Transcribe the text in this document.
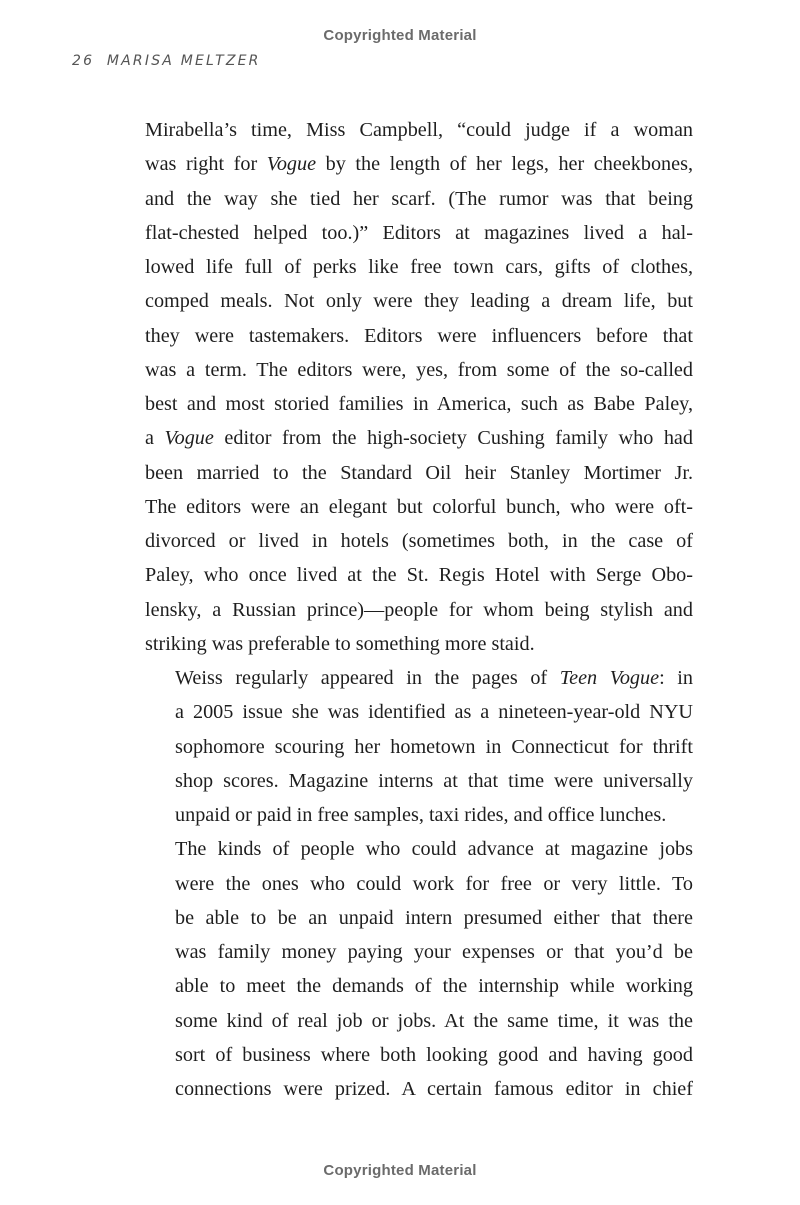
Copyrighted Material
26 MARISA MELTZER

Mirabella’s time, Miss Campbell, “could judge if a woman
was right for Vogue by the length of her legs, her cheekbones,
and the way she tied her scarf. (The rumor was that being
flat-chested helped too.)” Editors at magazines lived a hal-
lowed life full of perks like free town cars, gifts of clothes,
comped meals. Not only were they leading a dream life, but
they were tastemakers. Editors were influencers before that
was a term. The editors were, yes, from some of the so-called
best and most storied families in America, such as Babe Paley,
a Vogue editor from the high-society Cushing family who had
been married to the Standard Oil heir Stanley Mortimer Jr.
The editors were an elegant but colorful bunch, who were oft-
divorced or lived in hotels (sometimes both, in the case of
Paley, who once lived at the St. Regis Hotel with Serge Obo-
lensky, a Russian prince)—people for whom being stylish and
striking was preferable to something more staid.

Weiss regularly appeared in the pages of Teen Vogue: in
a 2005 issue she was identified as a nineteen-year-old NYU
sophomore scouring her hometown in Connecticut for thrift
shop scores. Magazine interns at that time were universally
unpaid or paid in free samples, taxi rides, and office lunches.

The kinds of people who could advance at magazine jobs
were the ones who could work for free or very little. To
be able to be an unpaid intern presumed either that there
was family money paying your expenses or that you’d be
able to meet the demands of the internship while working
some kind of real job or jobs. At the same time, it was the
sort of business where both looking good and having good
connections were prized. A certain famous editor in chief

Copyrighted Material
